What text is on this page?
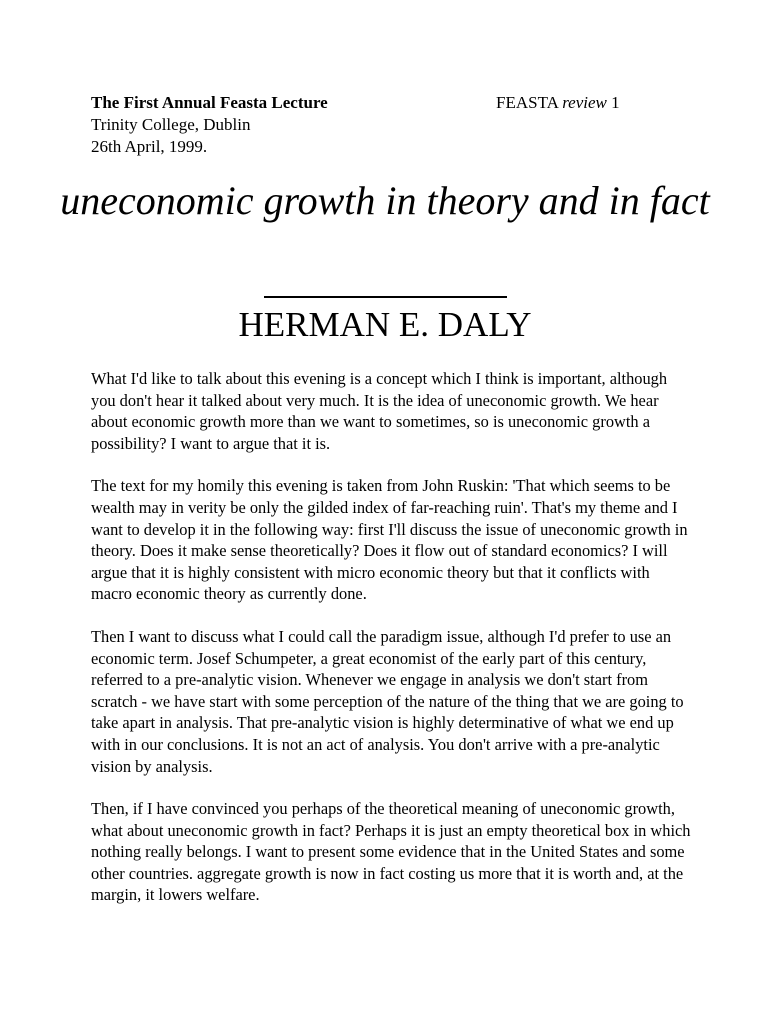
The First Annual Feasta Lecture	FEASTA review 1
Trinity College, Dublin
26th April, 1999.
uneconomic growth in theory and in fact
HERMAN E. DALY

What I'd like to talk about this evening is a concept which I think is important, although you don't hear it talked about very much. It is the idea of uneconomic growth. We hear about economic growth more than we want to sometimes, so is uneconomic growth a possibility? I want to argue that it is.

The text for my homily this evening is taken from John Ruskin: 'That which seems to be wealth may in verity be only the gilded index of far-reaching ruin'. That's my theme and I want to develop it in the following way: first I'll discuss the issue of uneconomic growth in theory. Does it make sense theoretically? Does it flow out of standard economics? I will argue that it is highly consistent with micro economic theory but that it conflicts with macro economic theory as currently done.

Then I want to discuss what I could call the paradigm issue, although I'd prefer to use an economic term. Josef Schumpeter, a great economist of the early part of this century, referred to a pre-analytic vision. Whenever we engage in analysis we don't start from scratch - we have start with some perception of the nature of the thing that we are going to take apart in analysis. That pre-analytic vision is highly determinative of what we end up with in our conclusions. It is not an act of analysis. You don't arrive with a pre-analytic vision by analysis.

Then, if I have convinced you perhaps of the theoretical meaning of uneconomic growth, what about uneconomic growth in fact? Perhaps it is just an empty theoretical box in which nothing really belongs. I want to present some evidence that in the United States and some other countries. aggregate growth is now in fact costing us more that it is worth and, at the margin, it lowers welfare.
